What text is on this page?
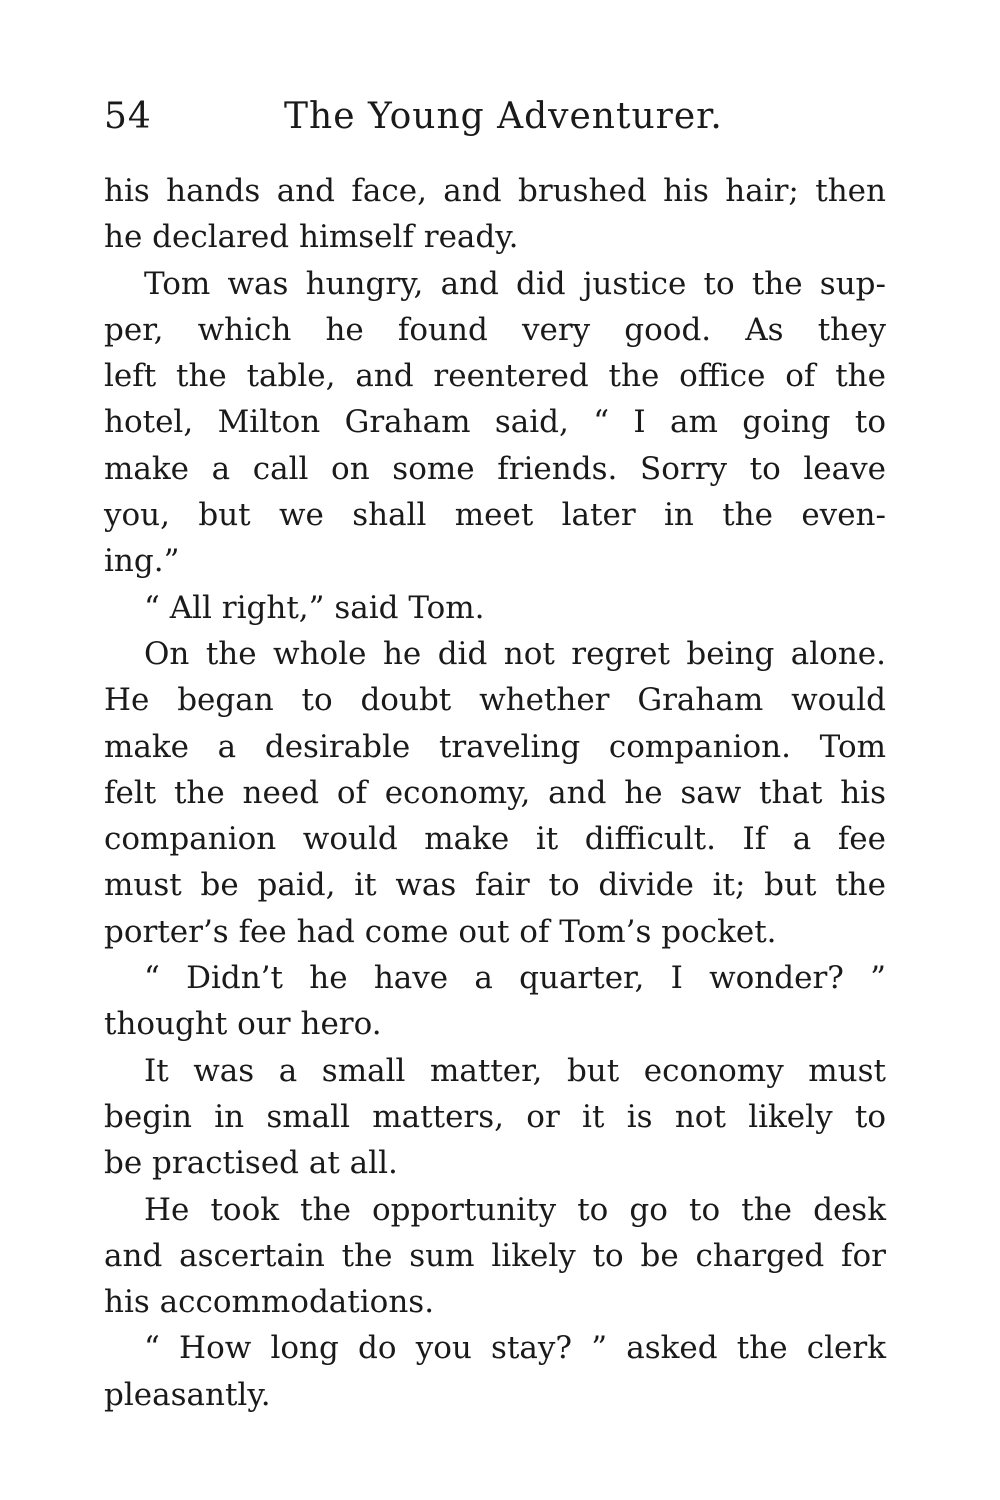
54	The Young Adventurer.
his hands and face, and brushed his hair; then
he declared himself ready.
Tom was hungry, and did justice to the sup-
per, which he found very good. As they
left the table, and reentered the office of the
hotel, Milton Graham said, “ I am going to
make a call on some friends. Sorry to leave
you, but we shall meet later in the even-
ing.”
“ All right,” said Tom.
On the whole he did not regret being alone.
He began to doubt whether Graham would
make a desirable traveling companion. Tom
felt the need of economy, and he saw that his
companion would make it difficult. If a fee
must be paid, it was fair to divide it; but the
porter’s fee had come out of Tom’s pocket.
“ Didn’t he have a quarter, I wonder? ”
thought our hero.
It was a small matter, but economy must
begin in small matters, or it is not likely to
be practised at all.
He took the opportunity to go to the desk
and ascertain the sum likely to be charged for
his accommodations.
“ How long do you stay? ” asked the clerk
pleasantly.
